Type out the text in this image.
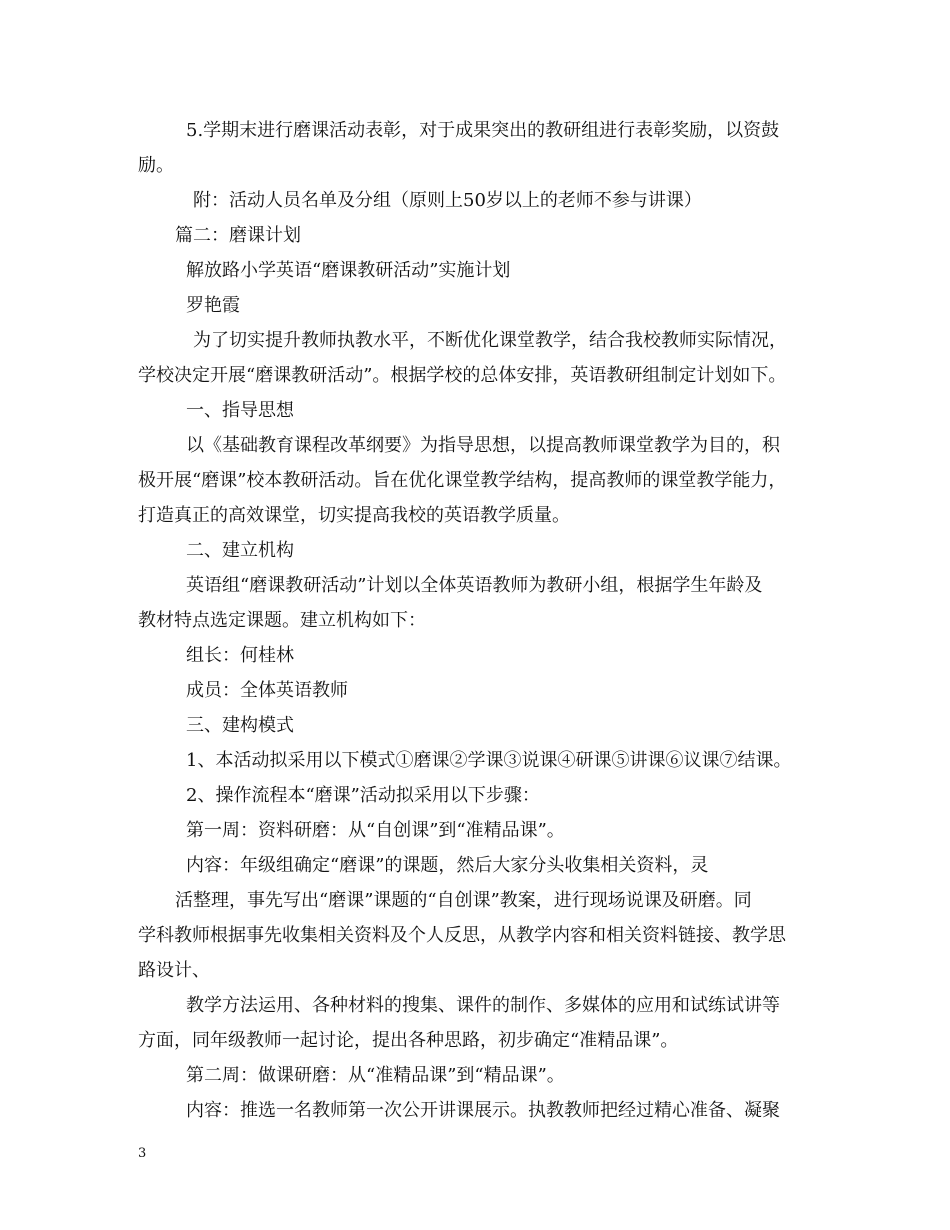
5.学期末进行磨课活动表彰，对于成果突出的教研组进行表彰奖励，以资鼓
励。
附：活动人员名单及分组（原则上50岁以上的老师不参与讲课）
篇二：磨课计划
解放路小学英语“磨课教研活动”实施计划
罗艳霞
为了切实提升教师执教水平，不断优化课堂教学，结合我校教师实际情况，
学校决定开展“磨课教研活动”。根据学校的总体安排，英语教研组制定计划如下。
一、指导思想
以《基础教育课程改革纲要》为指导思想，以提高教师课堂教学为目的，积
极开展“磨课”校本教研活动。旨在优化课堂教学结构，提高教师的课堂教学能力，
打造真正的高效课堂，切实提高我校的英语教学质量。
二、建立机构
英语组“磨课教研活动”计划以全体英语教师为教研小组，根据学生年龄及
教材特点选定课题。建立机构如下：
组长：何桂林
成员：全体英语教师
三、建构模式
1、本活动拟采用以下模式①磨课②学课③说课④研课⑤讲课⑥议课⑦结课。
2、操作流程本“磨课”活动拟采用以下步骤：
第一周：资料研磨：从“自创课”到“准精品课”。
内容：年级组确定“磨课”的课题，然后大家分头收集相关资料，灵
活整理，事先写出“磨课”课题的“自创课”教案，进行现场说课及研磨。同
学科教师根据事先收集相关资料及个人反思，从教学内容和相关资料链接、教学思
路设计、
教学方法运用、各种材料的搜集、课件的制作、多媒体的应用和试练试讲等
方面，同年级教师一起讨论，提出各种思路，初步确定“准精品课”。
第二周：做课研磨：从“准精品课”到“精品课”。
内容：推选一名教师第一次公开讲课展示。执教教师把经过精心准备、凝聚
3
